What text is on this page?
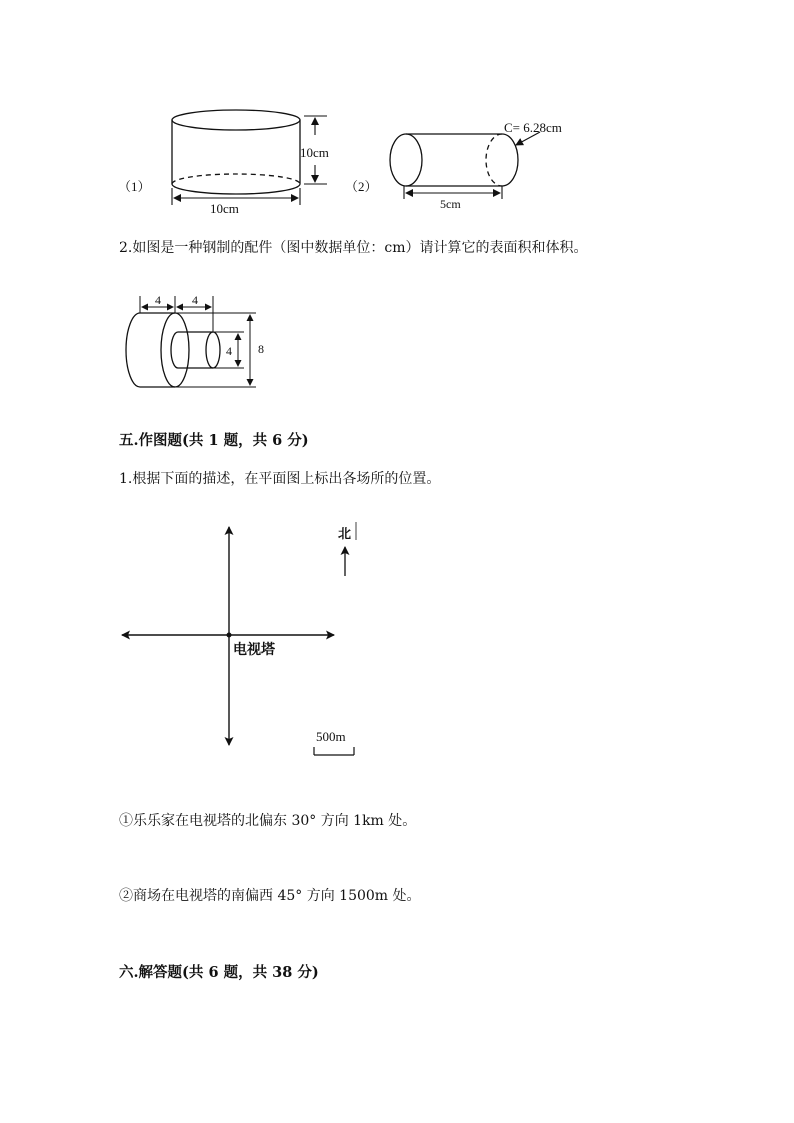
（1）
10cm
10cm
（2）
C= 6.28cm
5cm
2.如图是一种钢制的配件（图中数据单位：cm）请计算它的表面积和体积。
4	4
4 8
五.作图题(共 1 题，共 6 分)
1.根据下面的描述，在平面图上标出各场所的位置。
北
电视塔
500m
①乐乐家在电视塔的北偏东 30° 方向 1km 处。
②商场在电视塔的南偏西 45° 方向 1500m 处。
六.解答题(共 6 题，共 38 分)
